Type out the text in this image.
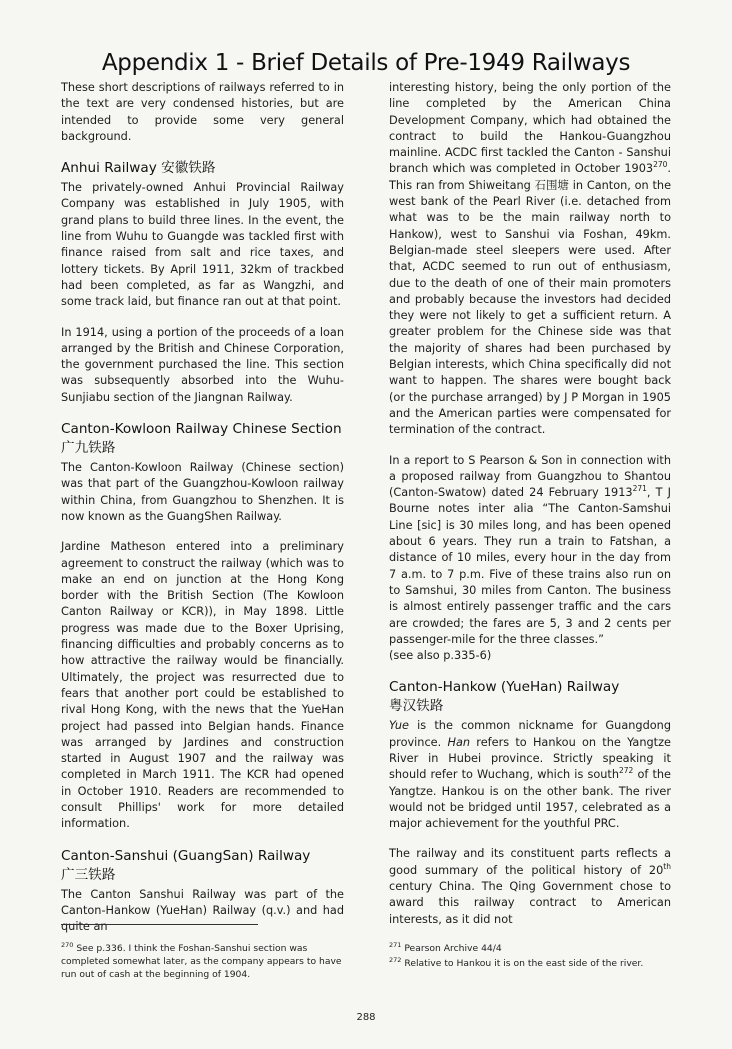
Appendix 1 - Brief Details of Pre-1949 Railways

These short descriptions of railways referred to in the text are very condensed histories, but are intended to provide some very general background.

Anhui Railway 安徽铁路

The privately-owned Anhui Provincial Railway Company was established in July 1905, with grand plans to build three lines. In the event, the line from Wuhu to Guangde was tackled first with finance raised from salt and rice taxes, and lottery tickets. By April 1911, 32km of trackbed had been completed, as far as Wangzhi, and some track laid, but finance ran out at that point.

In 1914, using a portion of the proceeds of a loan arranged by the British and Chinese Corporation, the government purchased the line. This section was subsequently absorbed into the Wuhu-Sunjiabu section of the Jiangnan Railway.

Canton-Kowloon Railway Chinese Section
广九铁路

The Canton-Kowloon Railway (Chinese section) was that part of the Guangzhou-Kowloon railway within China, from Guangzhou to Shenzhen. It is now known as the GuangShen Railway.

Jardine Matheson entered into a preliminary agreement to construct the railway (which was to make an end on junction at the Hong Kong border with the British Section (The Kowloon Canton Railway or KCR)), in May 1898. Little progress was made due to the Boxer Uprising, financing difficulties and probably concerns as to how attractive the railway would be financially. Ultimately, the project was resurrected due to fears that another port could be established to rival Hong Kong, with the news that the YueHan project had passed into Belgian hands. Finance was arranged by Jardines and construction started in August 1907 and the railway was completed in March 1911. The KCR had opened in October 1910. Readers are recommended to consult Phillips' work for more detailed information.

Canton-Sanshui (GuangSan) Railway
广三铁路

The Canton Sanshui Railway was part of the Canton-Hankow (YueHan) Railway (q.v.) and had quite an

interesting history, being the only portion of the line completed by the American China Development Company, which had obtained the contract to build the Hankou-Guangzhou mainline. ACDC first tackled the Canton - Sanshui branch which was completed in October 1903$^{270}$. This ran from Shiweitang 石围塘 in Canton, on the west bank of the Pearl River (i.e. detached from what was to be the main railway north to Hankow), west to Sanshui via Foshan, 49km. Belgian-made steel sleepers were used. After that, ACDC seemed to run out of enthusiasm, due to the death of one of their main promoters and probably because the investors had decided they were not likely to get a sufficient return. A greater problem for the Chinese side was that the majority of shares had been purchased by Belgian interests, which China specifically did not want to happen. The shares were bought back (or the purchase arranged) by J P Morgan in 1905 and the American parties were compensated for termination of the contract.

In a report to S Pearson & Son in connection with a proposed railway from Guangzhou to Shantou (Canton-Swatow) dated 24 February 1913$^{271}$, T J Bourne notes inter alia “The Canton-Samshui Line [sic] is 30 miles long, and has been opened about 6 years. They run a train to Fatshan, a distance of 10 miles, every hour in the day from 7 a.m. to 7 p.m. Five of these trains also run on to Samshui, 30 miles from Canton. The business is almost entirely passenger traffic and the cars are crowded; the fares are 5, 3 and 2 cents per passenger-mile for the three classes.”
(see also p.335-6)

Canton-Hankow (YueHan) Railway
粤汉铁路

Yue is the common nickname for Guangdong province. Han refers to Hankou on the Yangtze River in Hubei province. Strictly speaking it should refer to Wuchang, which is south$^{272}$ of the Yangtze. Hankou is on the other bank. The river would not be bridged until 1957, celebrated as a major achievement for the youthful PRC.

The railway and its constituent parts reflects a good summary of the political history of 20th century China. The Qing Government chose to award this railway contract to American interests, as it did not

$^{270}$ See p.336. I think the Foshan-Sanshui section was completed somewhat later, as the company appears to have run out of cash at the beginning of 1904.
$^{271}$ Pearson Archive 44/4
$^{272}$ Relative to Hankou it is on the east side of the river.
288
